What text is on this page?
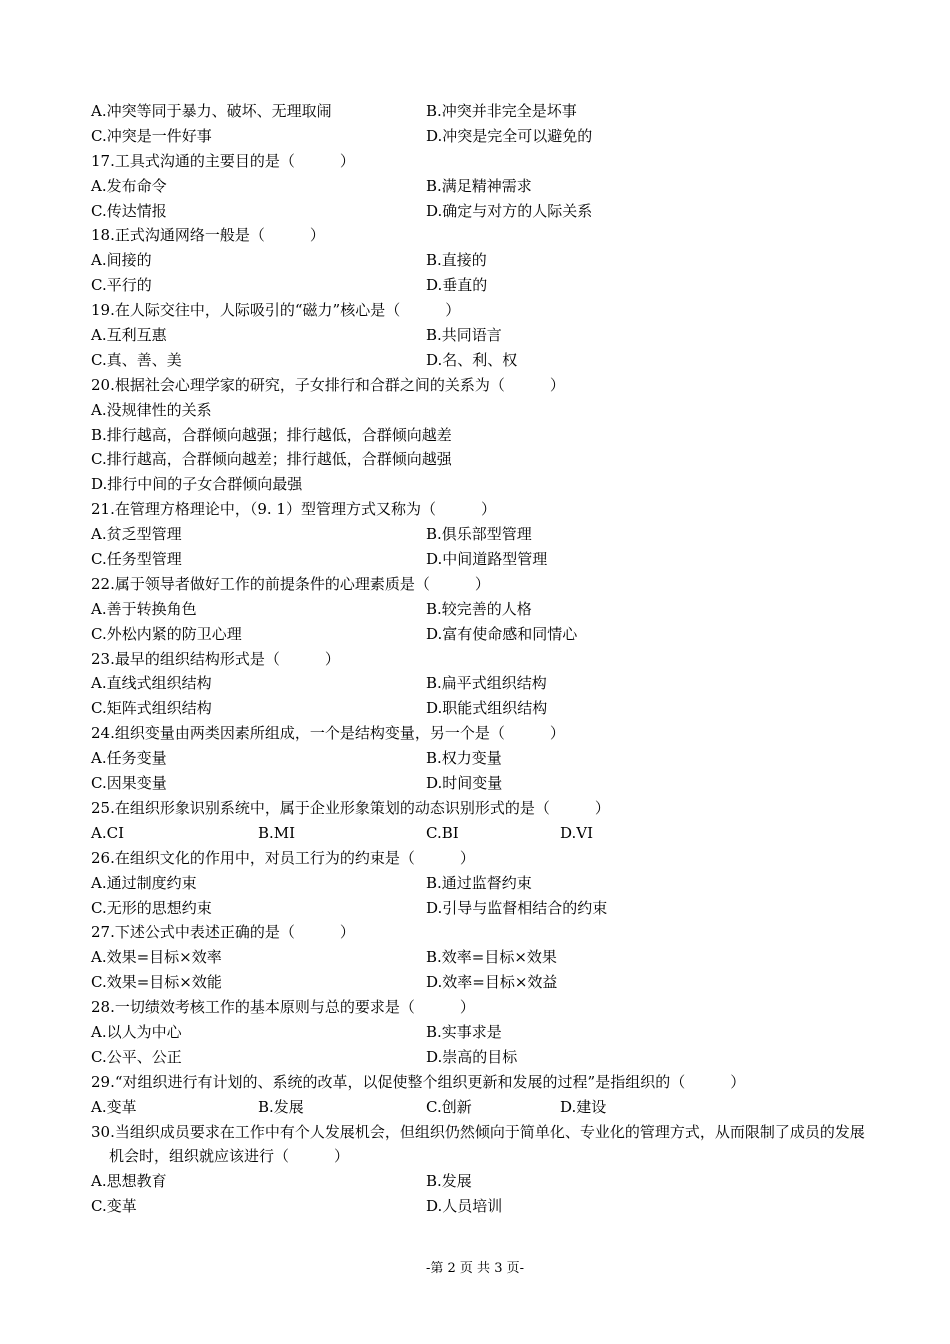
A.冲突等同于暴力、破坏、无理取闹	B.冲突并非完全是坏事
C.冲突是一件好事	D.冲突是完全可以避免的
17.工具式沟通的主要目的是（　　　）
A.发布命令	B.满足精神需求
C.传达情报	D.确定与对方的人际关系
18.正式沟通网络一般是（　　　）
A.间接的	B.直接的
C.平行的	D.垂直的
19.在人际交往中，人际吸引的“磁力”核心是（　　　）
A.互利互惠	B.共同语言
C.真、善、美	D.名、利、权
20.根据社会心理学家的研究，子女排行和合群之间的关系为（　　　）
A.没规律性的关系
B.排行越高，合群倾向越强；排行越低，合群倾向越差
C.排行越高，合群倾向越差；排行越低，合群倾向越强
D.排行中间的子女合群倾向最强
21.在管理方格理论中，（9. 1）型管理方式又称为（　　　）
A.贫乏型管理	B.俱乐部型管理
C.任务型管理	D.中间道路型管理
22.属于领导者做好工作的前提条件的心理素质是（　　　）
A.善于转换角色	B.较完善的人格
C.外松内紧的防卫心理	D.富有使命感和同情心
23.最早的组织结构形式是（　　　）
A.直线式组织结构	B.扁平式组织结构
C.矩阵式组织结构	D.职能式组织结构
24.组织变量由两类因素所组成，一个是结构变量，另一个是（　　　）
A.任务变量	B.权力变量
C.因果变量	D.时间变量
25.在组织形象识别系统中，属于企业形象策划的动态识别形式的是（　　　）
A.CI	B.MI	C.BI	D.VI
26.在组织文化的作用中，对员工行为的约束是（　　　）
A.通过制度约束	B.通过监督约束
C.无形的思想约束	D.引导与监督相结合的约束
27.下述公式中表述正确的是（　　　）
A.效果=目标×效率	B.效率=目标×效果
C.效果=目标×效能	D.效率=目标×效益
28.一切绩效考核工作的基本原则与总的要求是（　　　）
A.以人为中心	B.实事求是
C.公平、公正	D.崇高的目标
29.“对组织进行有计划的、系统的改革，以促使整个组织更新和发展的过程”是指组织的（　　　）
A.变革	B.发展	C.创新	D.建设
30.当组织成员要求在工作中有个人发展机会，但组织仍然倾向于简单化、专业化的管理方式，从而限制了成员的发展机会时，组织就应该进行（　　　）
A.思想教育	B.发展
C.变革	D.人员培训
-第 2 页 共 3 页-
